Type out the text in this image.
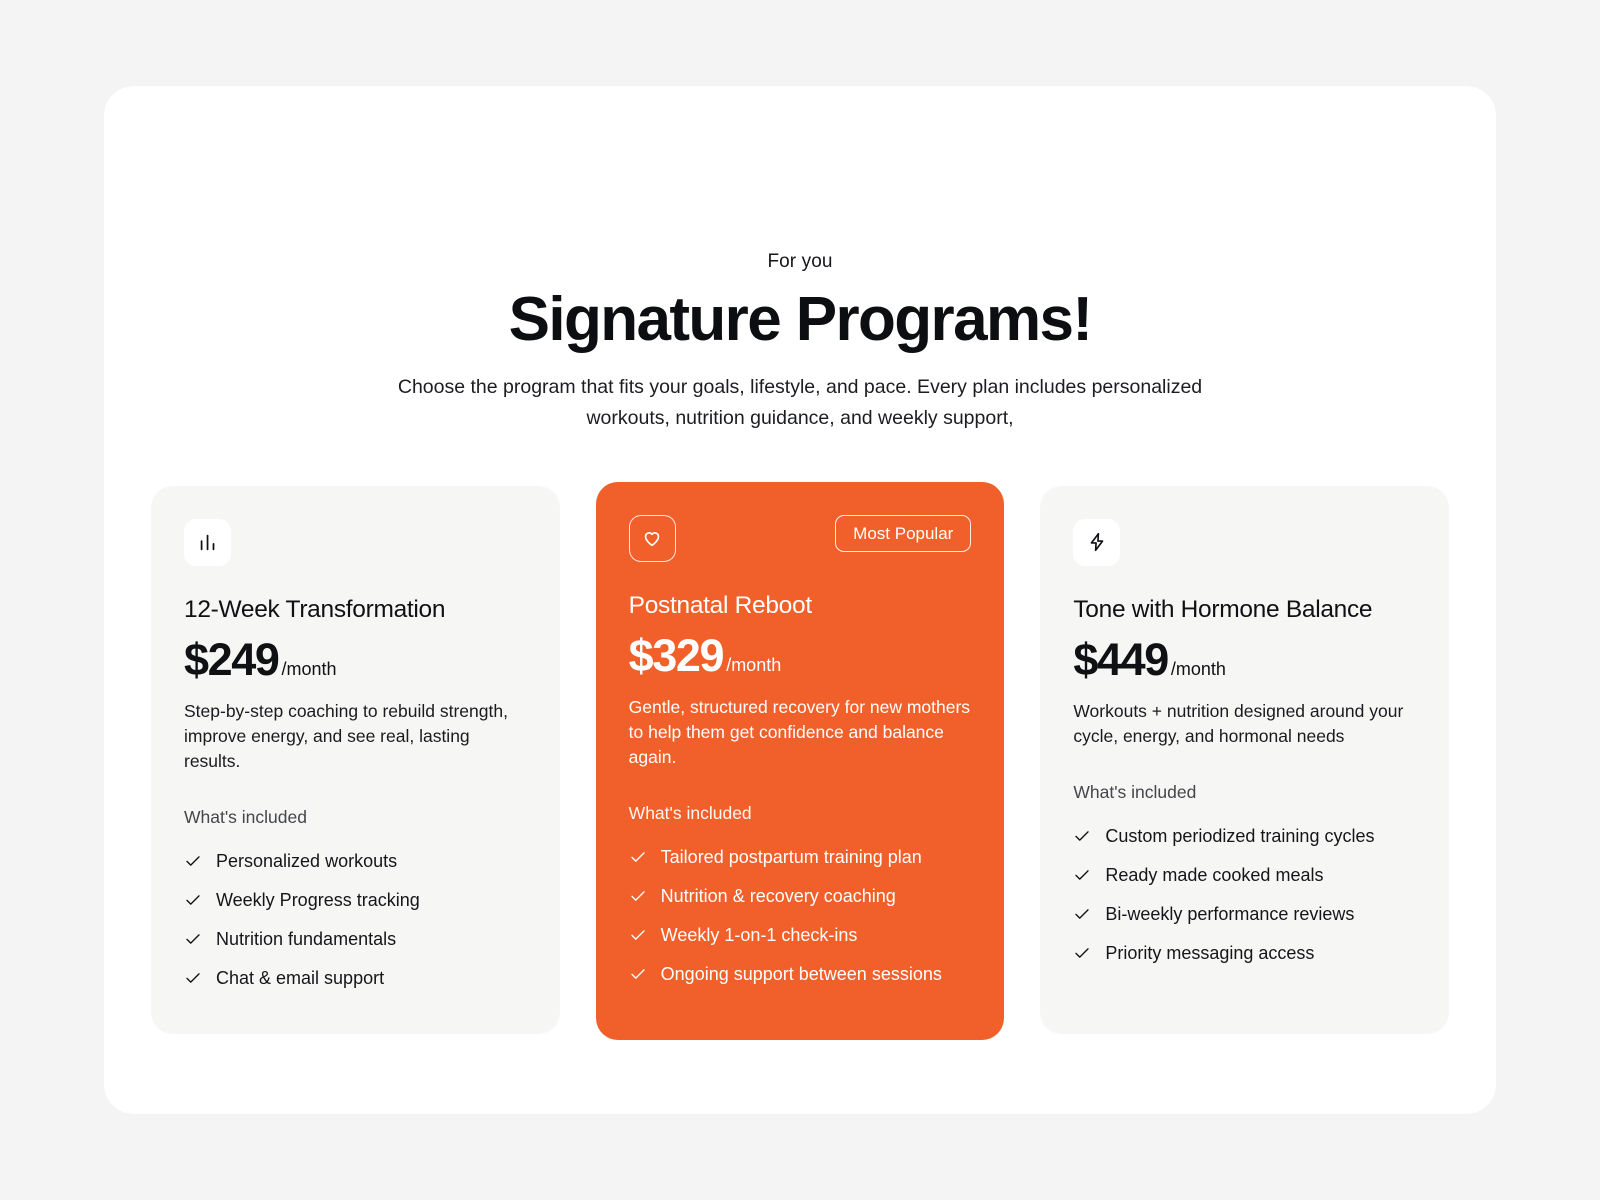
For you
Signature Programs!

Choose the program that fits your goals, lifestyle, and pace. Every plan includes personalized workouts, nutrition guidance, and weekly support,

12-Week Transformation
$249 /month
Step-by-step coaching to rebuild strength, improve energy, and see real, lasting results.
What's included
Personalized workouts
Weekly Progress tracking
Nutrition fundamentals
Chat & email support
Most Popular
Postnatal Reboot
$329 /month
Gentle, structured recovery for new mothers to help them get confidence and balance again.
What's included
Tailored postpartum training plan
Nutrition & recovery coaching
Weekly 1-on-1 check-ins
Ongoing support between sessions
Tone with Hormone Balance
$449 /month
Workouts + nutrition designed around your cycle, energy, and hormonal needs
What's included
Custom periodized training cycles
Ready made cooked meals
Bi-weekly performance reviews
Priority messaging access
